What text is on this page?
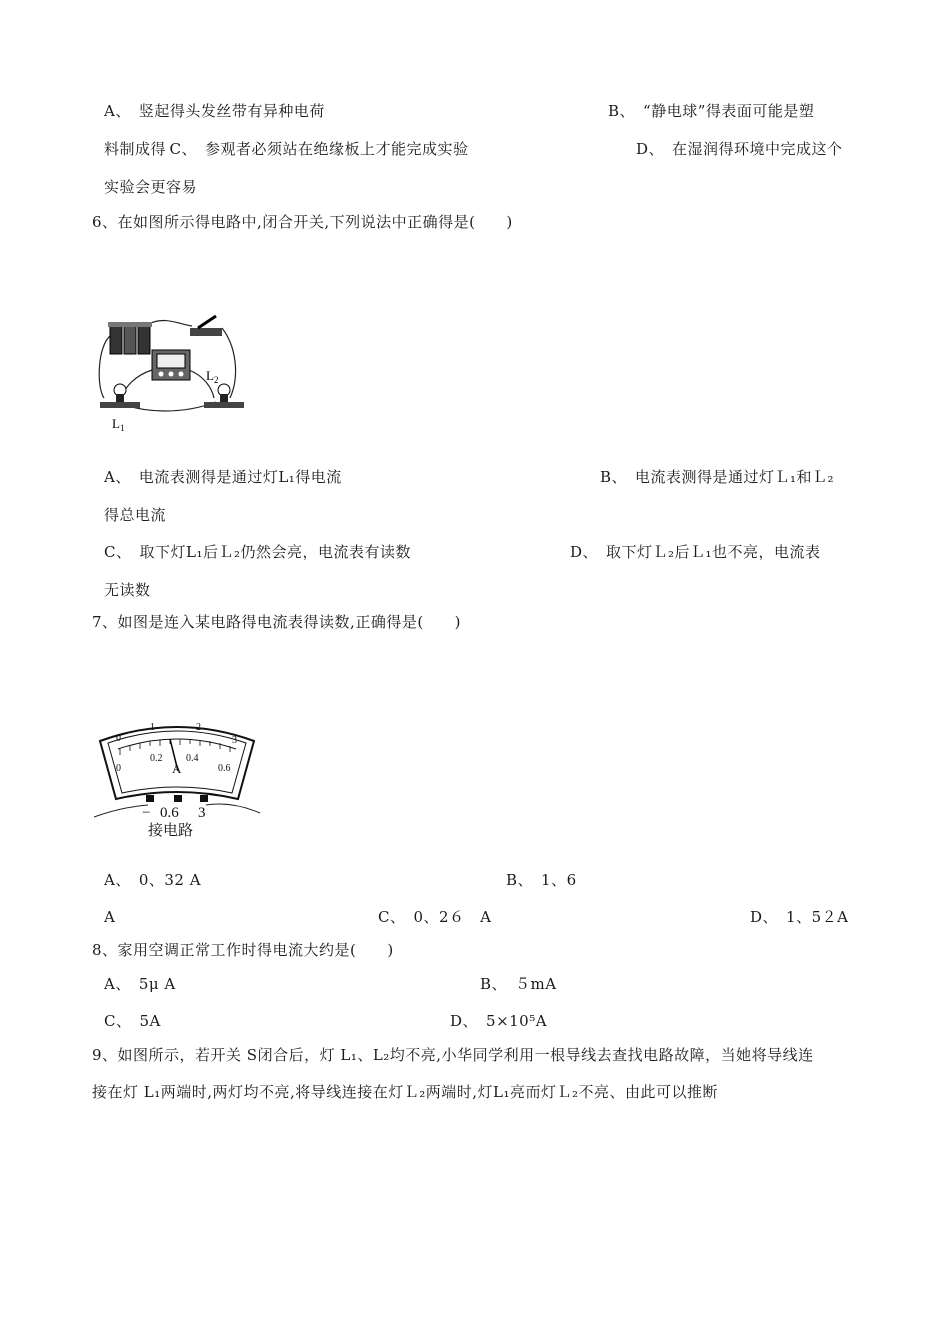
A、　竖起得头发丝带有异种电荷	B、　“静电球”得表面可能是塑
料制成得 C、　参观者必须站在绝缘板上才能完成实验	D、　在湿润得环境中完成这个
实验会更容易
6、在如图所示得电路中,闭合开关,下列说法中正确得是(　　)
$L_2$
$L_1$
A、　电流表测得是通过灯L₁得电流	B、　电流表测得是通过灯Ｌ₁和Ｌ₂
得总电流
C、　取下灯L₁后Ｌ₂仍然会亮，电流表有读数	D、　取下灯Ｌ₂后Ｌ₁也不亮，电流表
无读数
7、如图是连入某电路得电流表得读数,正确得是(　　)
0
1	2
3
0
0.2 0.4
0.6
A
− 0.6 3
接电路
A、　0、32 A	B、　1、6
A	C、　0、2６　A	D、　1、5２A
8、家用空调正常工作时得电流大约是(　　)
A、　5μ A	B、　５mA
C、　5A	D、　5×10⁵A
9、如图所示，若开关 S闭合后，灯 L₁、L₂均不亮,小华同学利用一根导线去查找电路故障，当她将导线连
接在灯 L₁两端时,两灯均不亮,将导线连接在灯Ｌ₂两端时,灯L₁亮而灯Ｌ₂不亮、由此可以推断
